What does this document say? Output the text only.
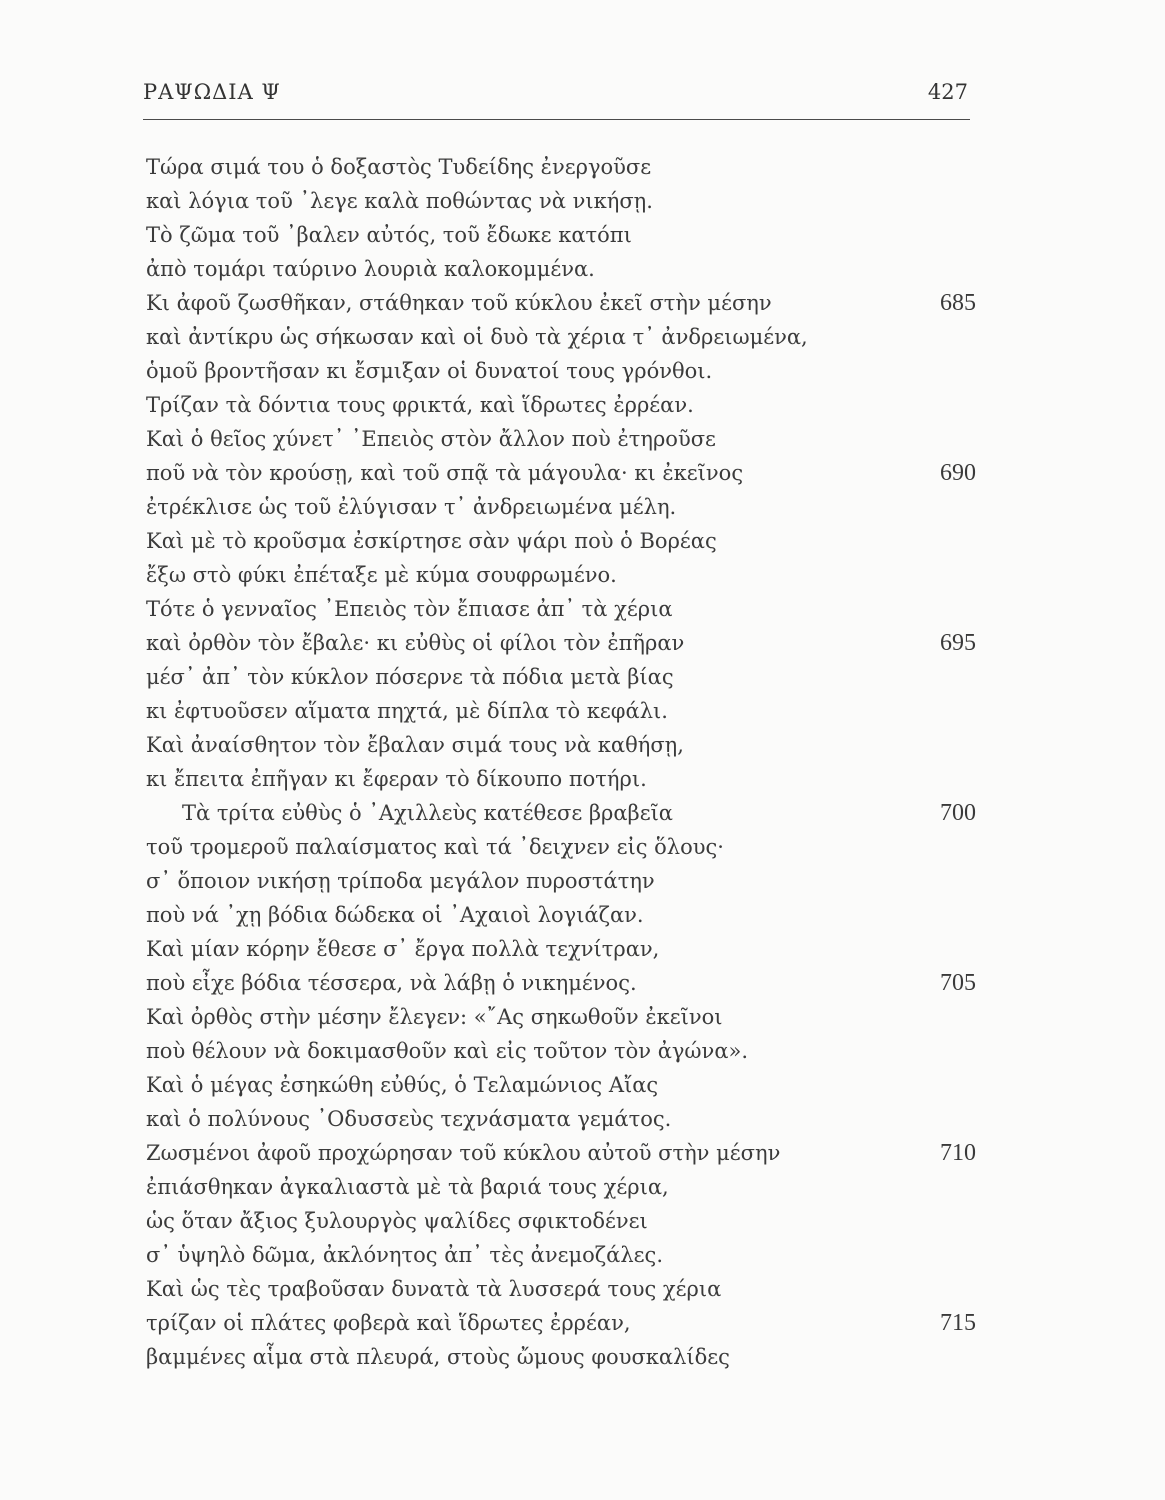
ΡΑΨΩΔΙΑ Ψ	427
Τώρα σιμά του ὁ δοξαστὸς Τυδείδης ἐνεργοῦσε
καὶ λόγια τοῦ ᾽λεγε καλὰ ποθώντας νὰ νικήσῃ.
Τὸ ζῶμα τοῦ ᾽βαλεν αὐτός, τοῦ ἔδωκε κατόπι
ἀπὸ τομάρι ταύρινο λουριὰ καλοκομμένα.
Κι ἀφοῦ ζωσθῆκαν, στάθηκαν τοῦ κύκλου ἐκεῖ στὴν μέσην	685
καὶ ἀντίκρυ ὡς σήκωσαν καὶ οἱ δυὸ τὰ χέρια τ᾽ ἀνδρειωμένα,
ὁμοῦ βροντῆσαν κι ἔσμιξαν οἱ δυνατοί τους γρόνθοι.
Τρίζαν τὰ δόντια τους φρικτά, καὶ ἵδρωτες ἐρρέαν.
Καὶ ὁ θεῖος χύνετ᾽ ᾽Επειὸς στὸν ἄλλον ποὺ ἐτηροῦσε
ποῦ νὰ τὸν κρούσῃ, καὶ τοῦ σπᾷ τὰ μάγουλα· κι ἐκεῖνος	690
ἐτρέκλισε ὡς τοῦ ἐλύγισαν τ᾽ ἀνδρειωμένα μέλη.
Καὶ μὲ τὸ κροῦσμα ἐσκίρτησε σὰν ψάρι ποὺ ὁ Βορέας
ἔξω στὸ φύκι ἐπέταξε μὲ κύμα σουφρωμένο.
Τότε ὁ γενναῖος ᾽Επειὸς τὸν ἔπιασε ἀπ᾽ τὰ χέρια
καὶ ὀρθὸν τὸν ἔβαλε· κι εὐθὺς οἱ φίλοι τὸν ἐπῆραν	695
μέσ᾽ ἀπ᾽ τὸν κύκλον πόσερνε τὰ πόδια μετὰ βίας
κι ἐφτυοῦσεν αἵματα πηχτά, μὲ δίπλα τὸ κεφάλι.
Καὶ ἀναίσθητον τὸν ἔβαλαν σιμά τους νὰ καθήσῃ,
κι ἔπειτα ἐπῆγαν κι ἔφεραν τὸ δίκουπο ποτήρι.
Τὰ τρίτα εὐθὺς ὁ ᾽Αχιλλεὺς κατέθεσε βραβεῖα	700
τοῦ τρομεροῦ παλαίσματος καὶ τά ᾽δειχνεν εἰς ὅλους·
σ᾽ ὅποιον νικήσῃ τρίποδα μεγάλον πυροστάτην
ποὺ νά ᾽χῃ βόδια δώδεκα οἱ ᾽Αχαιοὶ λογιάζαν.
Καὶ μίαν κόρην ἔθεσε σ᾽ ἔργα πολλὰ τεχνίτραν,
ποὺ εἶχε βόδια τέσσερα, νὰ λάβῃ ὁ νικημένος.	705
Καὶ ὀρθὸς στὴν μέσην ἔλεγεν: «῎Ας σηκωθοῦν ἐκεῖνοι
ποὺ θέλουν νὰ δοκιμασθοῦν καὶ εἰς τοῦτον τὸν ἀγώνα».
Καὶ ὁ μέγας ἐσηκώθη εὐθύς, ὁ Τελαμώνιος Αἴας
καὶ ὁ πολύνους ᾽Οδυσσεὺς τεχνάσματα γεμάτος.
Ζωσμένοι ἀφοῦ προχώρησαν τοῦ κύκλου αὐτοῦ στὴν μέσην	710
ἐπιάσθηκαν ἀγκαλιαστὰ μὲ τὰ βαριά τους χέρια,
ὡς ὅταν ἄξιος ξυλουργὸς ψαλίδες σφικτοδένει
σ᾽ ὑψηλὸ δῶμα, ἀκλόνητος ἀπ᾽ τὲς ἀνεμοζάλες.
Καὶ ὡς τὲς τραβοῦσαν δυνατὰ τὰ λυσσερά τους χέρια
τρίζαν οἱ πλάτες φοβερὰ καὶ ἵδρωτες ἐρρέαν,	715
βαμμένες αἷμα στὰ πλευρά, στοὺς ὤμους φουσκαλίδες
